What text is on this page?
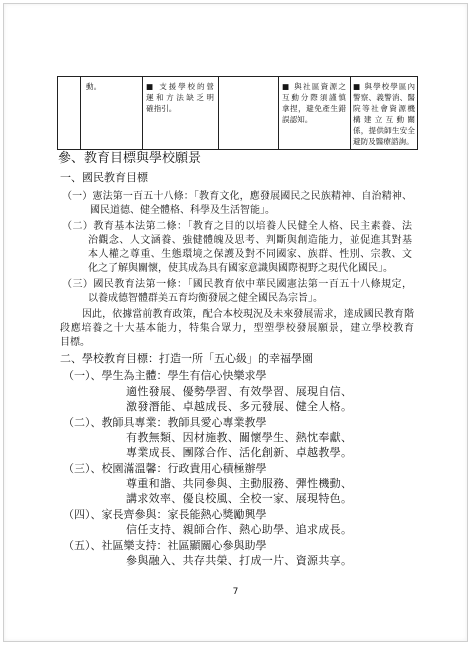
動。	■ 支援學校的營
運和方法缺乏明
確指引。
■ 與社區資源之
互動分際須謹慎
拿捏，避免產生錯
誤認知。
■ 與學校學區內
警察、義警消、醫
院等社會資源機
構建立互動關
係，提供師生安全
避防及醫療諮詢。
參、教育目標與學校願景
一、國民教育目標
（一）憲法第一百五十八條：「教育文化，應發展國民之民族精神、自治精神、
國民道德、健全體格、科學及生活智能」。
（二）教育基本法第二條：「教育之目的以培養人民健全人格、民主素養、法
治觀念、人文涵養、強健體魄及思考、判斷與創造能力，並促進其對基
本人權之尊重、生態環境之保護及對不同國家、族群、性別、宗教、文
化之了解與關懷，使其成為具有國家意識與國際視野之現代化國民」。
（三）國民教育法第一條：「國民教育依中華民國憲法第一百五十八條規定，
以養成德智體群美五育均衡發展之健全國民為宗旨」。
因此，依據當前教育政策，配合本校現況及未來發展需求，達成國民教育階
段應培養之十大基本能力，特集合眾力，型塑學校發展願景，建立學校教育
目標。
二、學校教育目標：打造一所「五心級」的幸福學園
（一）、學生為主體：學生有信心快樂求學
適性發展、優勢學習、有效學習、展現自信、
激發潛能、卓越成長、多元發展、健全人格。
（二）、教師具專業：教師具愛心專業教學
有教無類、因材施教、關懷學生、熱忱奉獻、
專業成長、團隊合作、活化創新、卓越教學。
（三）、校園滿溫馨：行政貴用心積極辦學
尊重和諧、共同參與、主動服務、彈性機動、
講求效率、優良校風、全校一家、展現特色。
（四）、家長齊參與：家長能熱心獎勵興學
信任支持、親師合作、熱心助學、追求成長。
（五）、社區樂支持：社區顯關心參與助學
參與融入、共存共榮、打成一片、資源共享。
7
